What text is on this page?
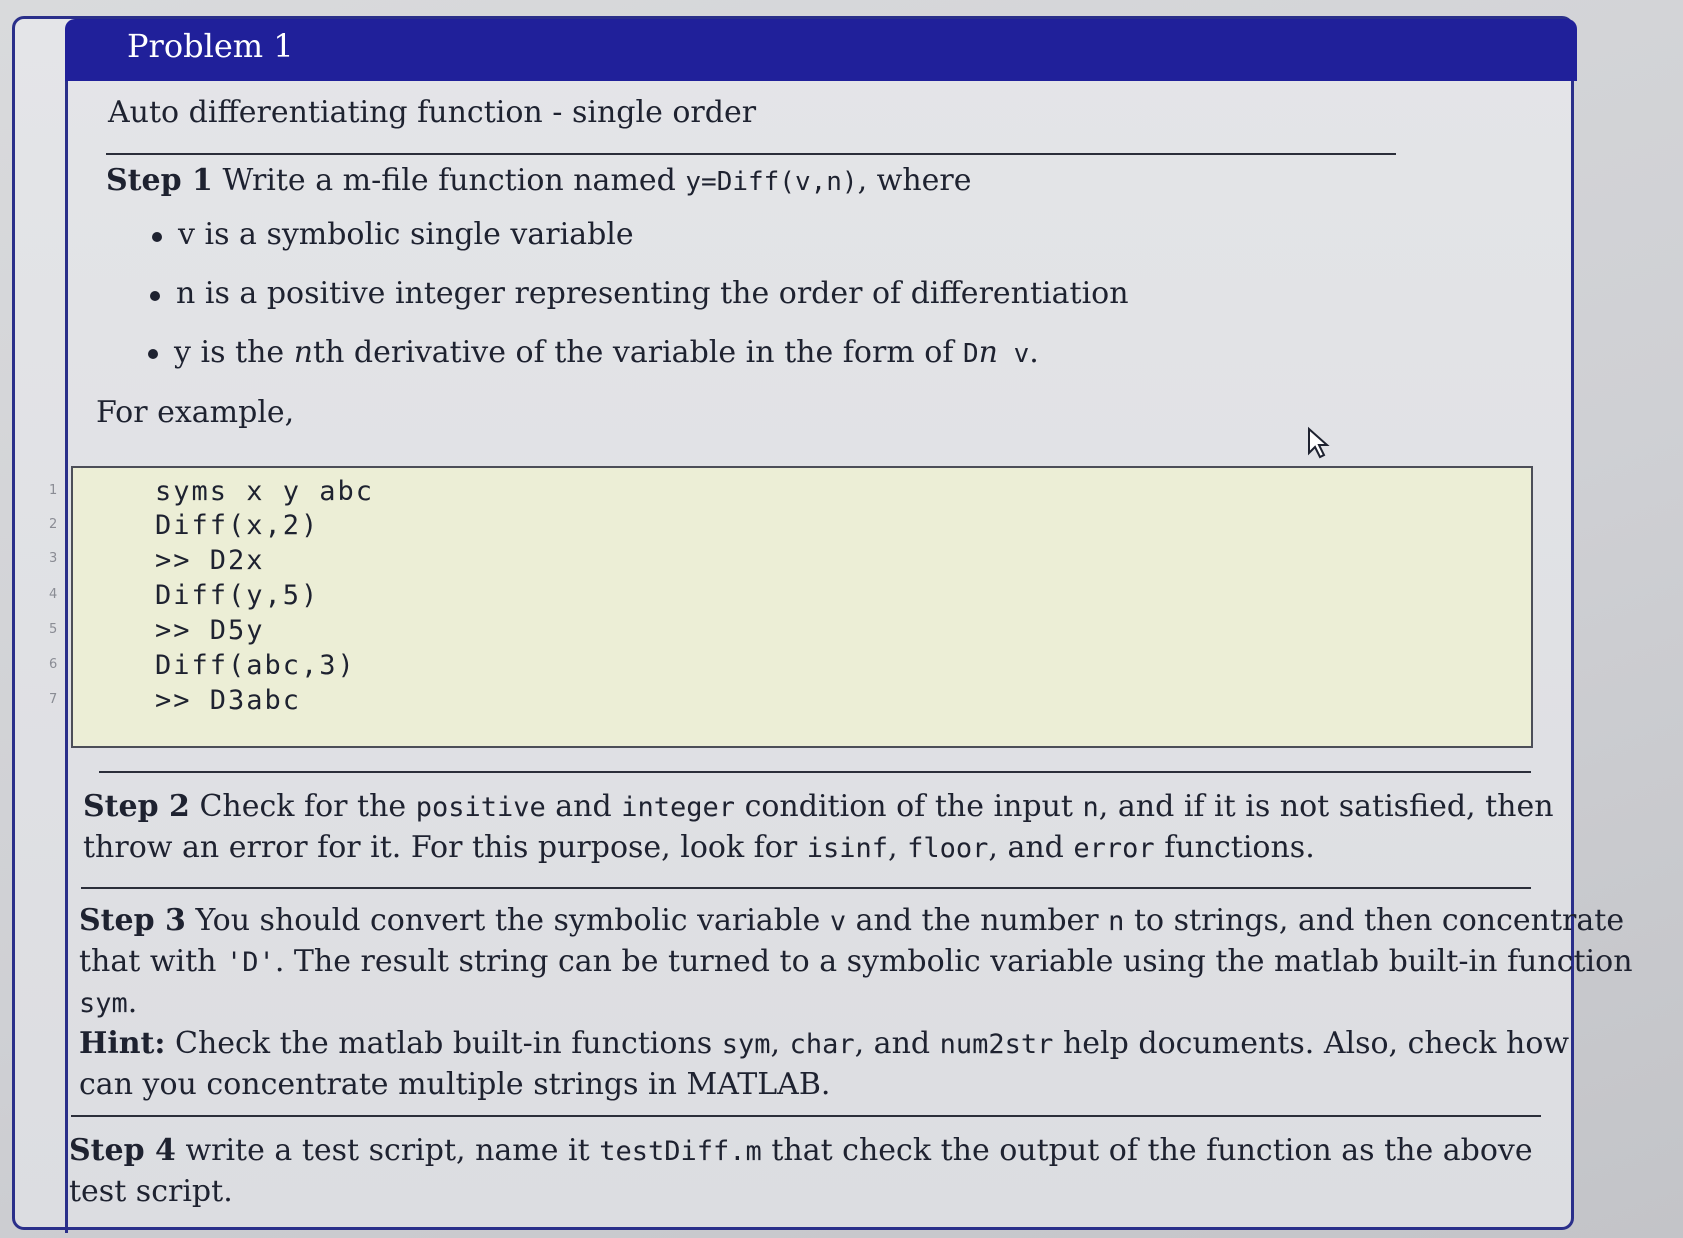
Problem 1
Auto differentiating function - single order
Step 1 Write a m-file function named y=Diff(v,n), where
v is a symbolic single variable
n is a positive integer representing the order of differentiation
y is the nth derivative of the variable in the form of Dn v.
For example,
syms x y abc
Diff(x,2)
>> D2x
Diff(y,5)
>> D5y
Diff(abc,3)
>> D3abc
1
2
3
4
5
6
7
Step 2 Check for the positive and integer condition of the input n, and if it is not satisfied, then
throw an error for it. For this purpose, look for isinf, floor, and error functions.
Step 3 You should convert the symbolic variable v and the number n to strings, and then concentrate
that with 'D'. The result string can be turned to a symbolic variable using the matlab built-in function
sym.
Hint: Check the matlab built-in functions sym, char, and num2str help documents. Also, check how
can you concentrate multiple strings in MATLAB.
Step 4 write a test script, name it testDiff.m that check the output of the function as the above
test script.
